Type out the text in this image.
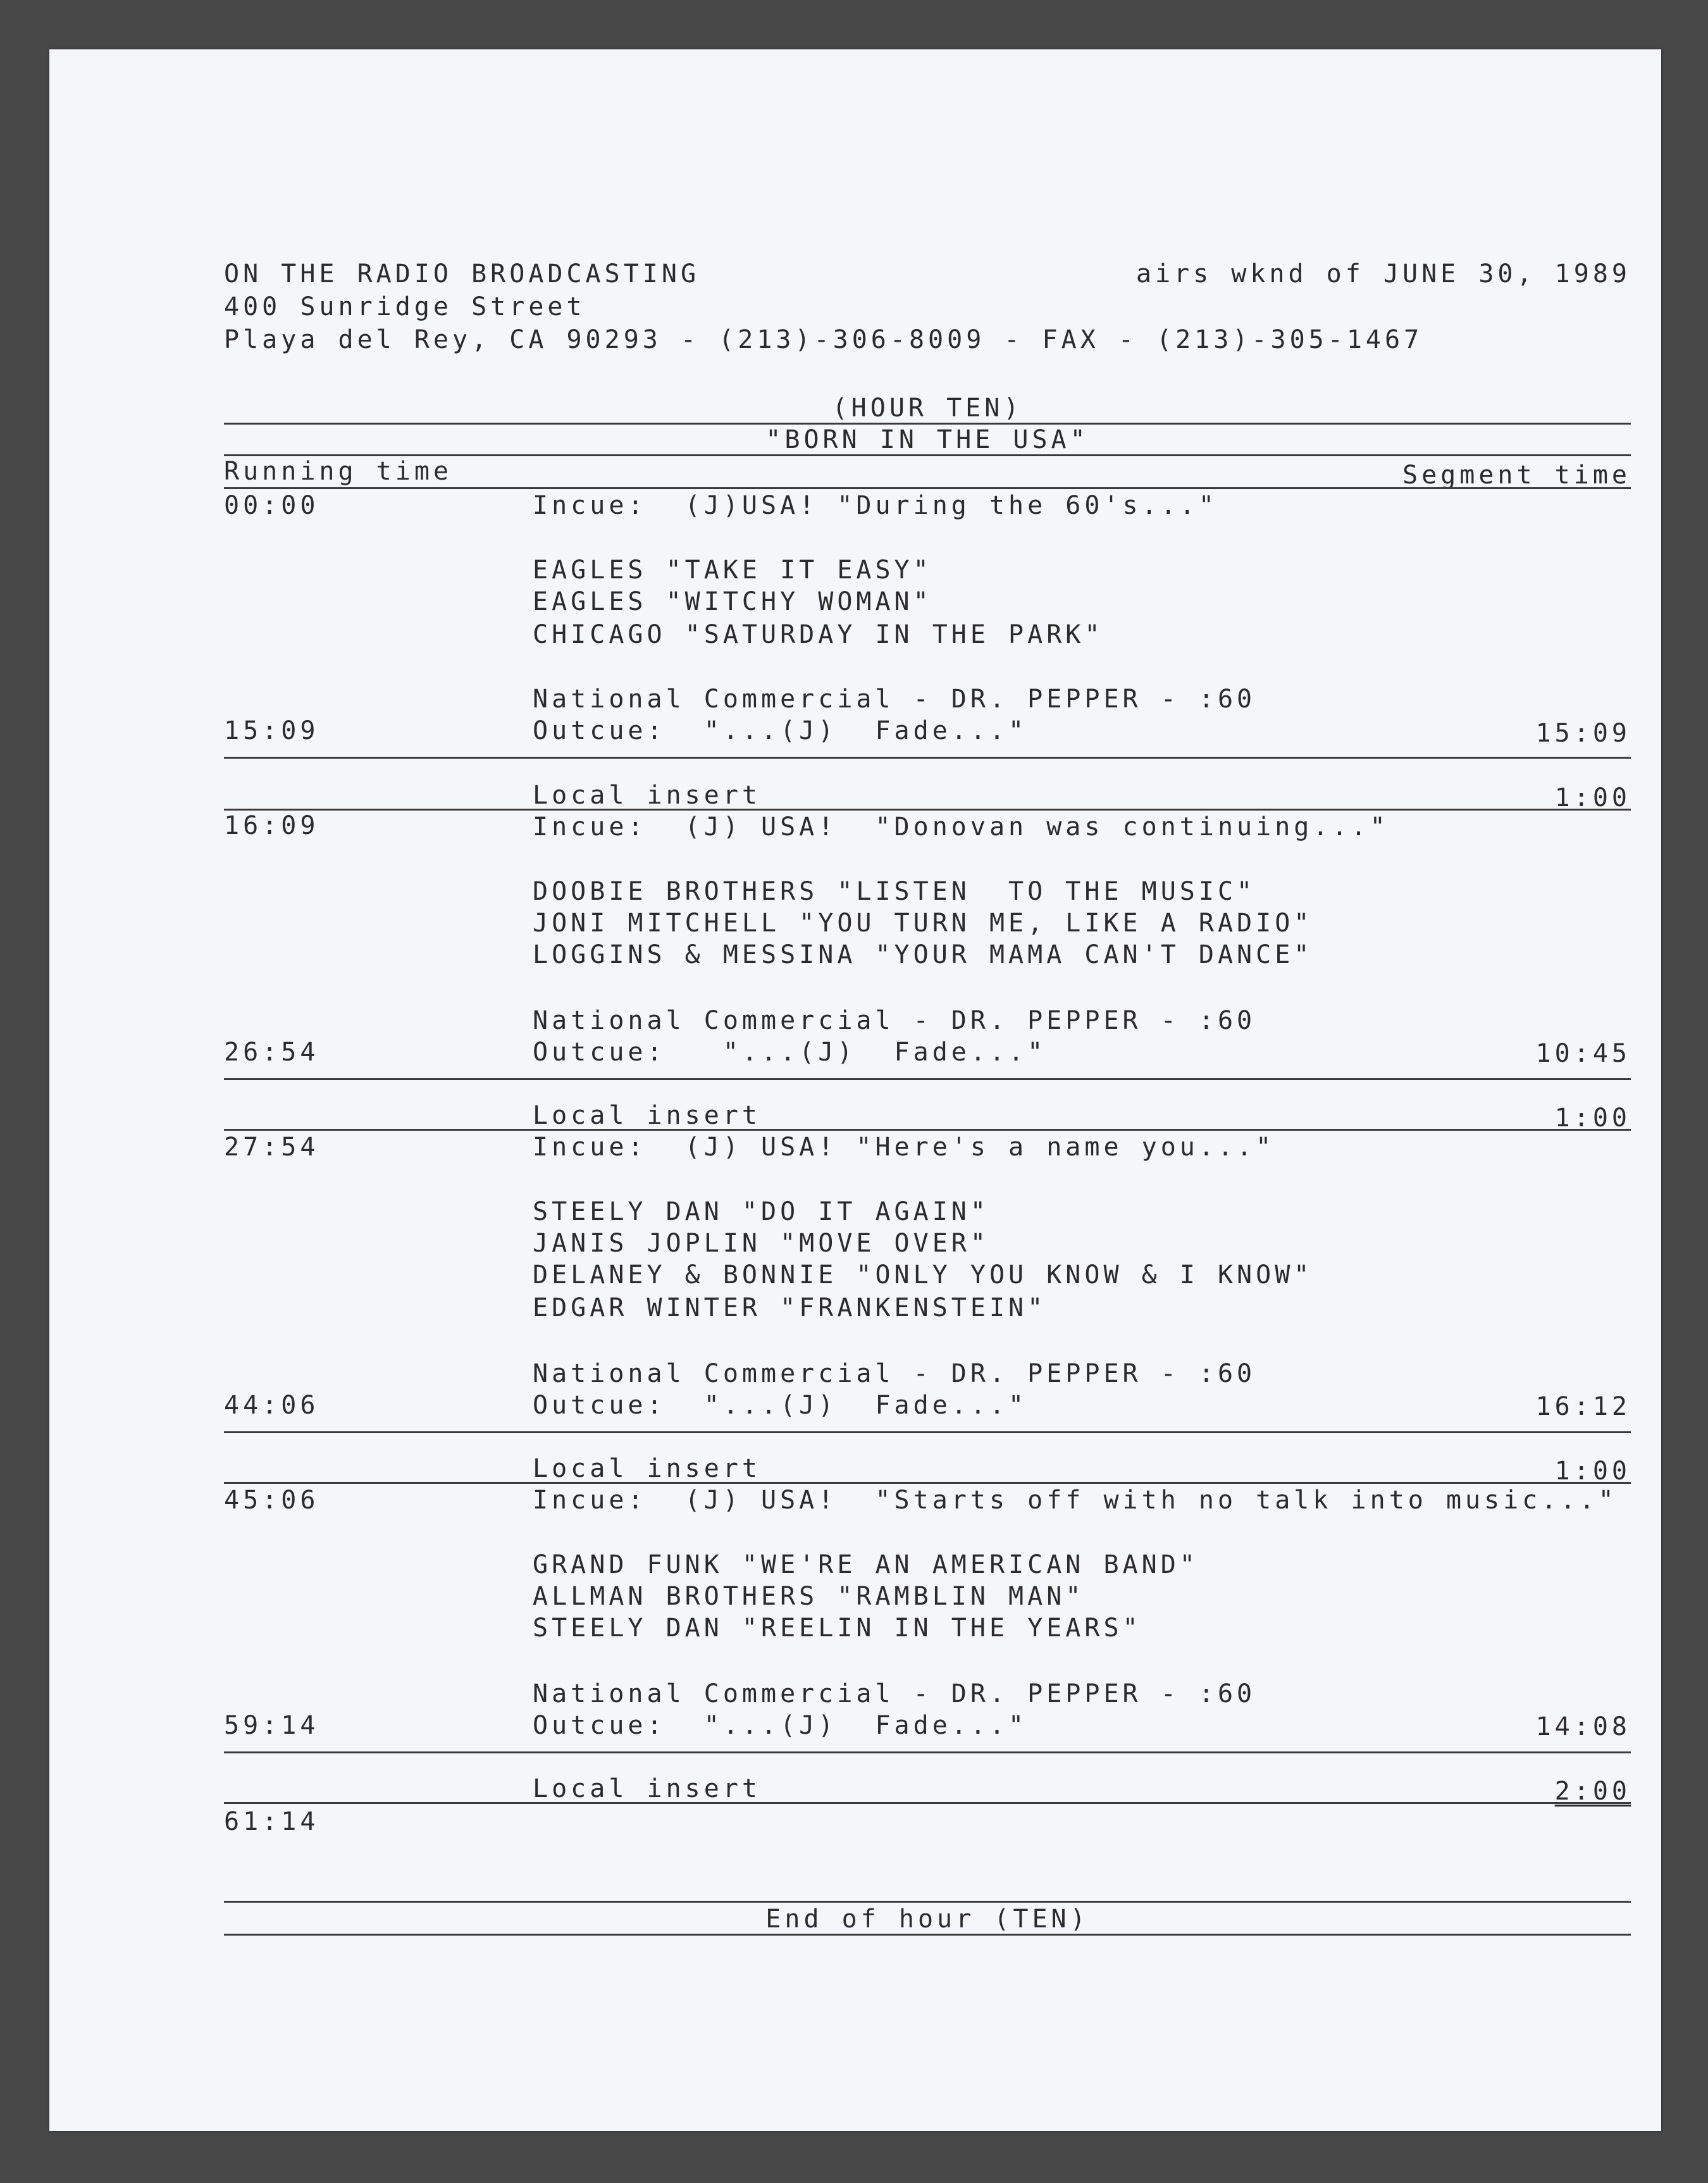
ON THE RADIO BROADCASTING	airs wknd of JUNE 30, 1989
400 Sunridge Street
Playa del Rey, CA 90293 - (213)-306-8009 - FAX - (213)-305-1467
(HOUR TEN)
"BORN IN THE USA"
Running time	Segment time
00:00	Incue:  (J)USA! "During the 60's..."
EAGLES "TAKE IT EASY"
EAGLES "WITCHY WOMAN"
CHICAGO "SATURDAY IN THE PARK"
National Commercial - DR. PEPPER - :60
15:09	Outcue:  "...(J)  Fade..."	15:09
Local insert	1:00
16:09	Incue:  (J) USA!  "Donovan was continuing..."
DOOBIE BROTHERS "LISTEN  TO THE MUSIC"
JONI MITCHELL "YOU TURN ME, LIKE A RADIO"
LOGGINS & MESSINA "YOUR MAMA CAN'T DANCE"
National Commercial - DR. PEPPER - :60
26:54	Outcue:   "...(J)  Fade..."	10:45
Local insert	1:00
27:54	Incue:  (J) USA! "Here's a name you..."
STEELY DAN "DO IT AGAIN"
JANIS JOPLIN "MOVE OVER"
DELANEY & BONNIE "ONLY YOU KNOW & I KNOW"
EDGAR WINTER "FRANKENSTEIN"
National Commercial - DR. PEPPER - :60
44:06	Outcue:  "...(J)  Fade..."	16:12
Local insert	1:00
45:06	Incue:  (J) USA!  "Starts off with no talk into music..."
GRAND FUNK "WE'RE AN AMERICAN BAND"
ALLMAN BROTHERS "RAMBLIN MAN"
STEELY DAN "REELIN IN THE YEARS"
National Commercial - DR. PEPPER - :60
59:14	Outcue:  "...(J)  Fade..."	14:08
Local insert	2:00
61:14
End of hour (TEN)
